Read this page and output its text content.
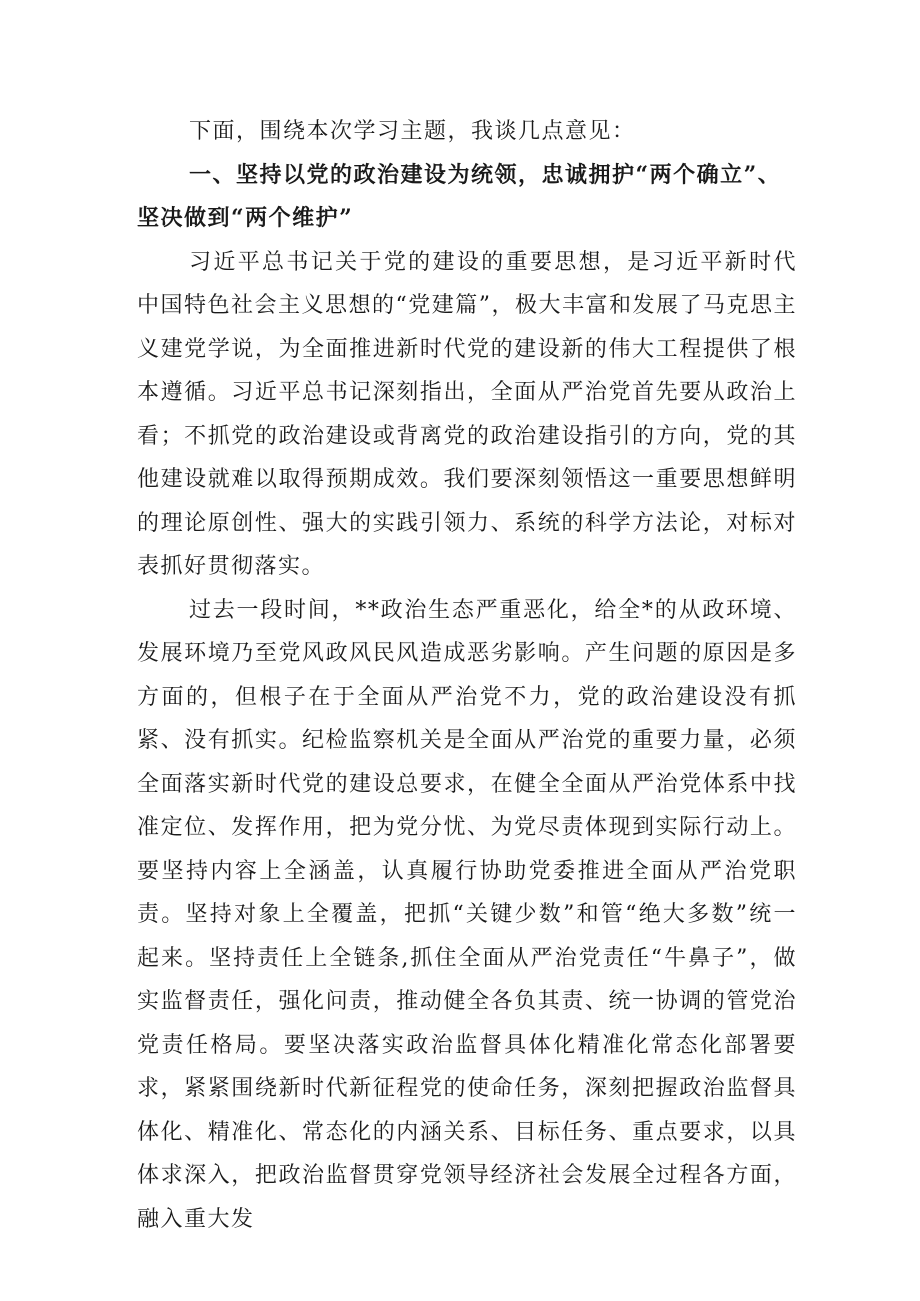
下面，围绕本次学习主题，我谈几点意见：

一、坚持以党的政治建设为统领，忠诚拥护“两个确立”、坚决做到“两个维护”

习近平总书记关于党的建设的重要思想，是习近平新时代中国特色社会主义思想的“党建篇”，极大丰富和发展了马克思主义建党学说，为全面推进新时代党的建设新的伟大工程提供了根本遵循。习近平总书记深刻指出，全面从严治党首先要从政治上看；不抓党的政治建设或背离党的政治建设指引的方向，党的其他建设就难以取得预期成效。我们要深刻领悟这一重要思想鲜明的理论原创性、强大的实践引领力、系统的科学方法论，对标对表抓好贯彻落实。

过去一段时间，**政治生态严重恶化，给全*的从政环境、发展环境乃至党风政风民风造成恶劣影响。产生问题的原因是多方面的，但根子在于全面从严治党不力，党的政治建设没有抓紧、没有抓实。纪检监察机关是全面从严治党的重要力量，必须全面落实新时代党的建设总要求，在健全全面从严治党体系中找准定位、发挥作用，把为党分忧、为党尽责体现到实际行动上。要坚持内容上全涵盖，认真履行协助党委推进全面从严治党职责。坚持对象上全覆盖，把抓“关键少数”和管“绝大多数”统一起来。坚持责任上全链条,抓住全面从严治党责任“牛鼻子”，做实监督责任，强化问责，推动健全各负其责、统一协调的管党治党责任格局。要坚决落实政治监督具体化精准化常态化部署要求，紧紧围绕新时代新征程党的使命任务，深刻把握政治监督具体化、精准化、常态化的内涵关系、目标任务、重点要求，以具体求深入，把政治监督贯穿党领导经济社会发展全过程各方面，融入重大发
